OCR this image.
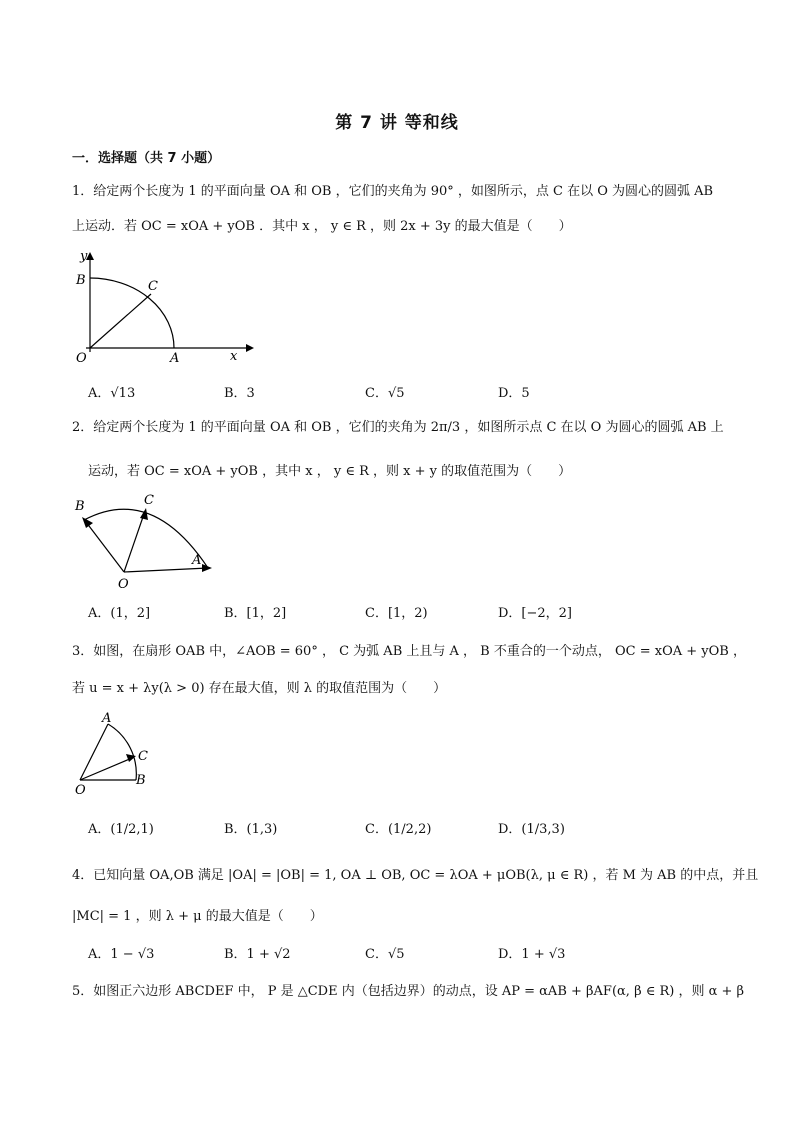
第 7 讲 等和线
一．选择题（共 7 小题）
1．给定两个长度为 1 的平面向量 OA 和 OB ，它们的夹角为 90° ，如图所示，点 C 在以 O 为圆心的圆弧 AB
上运动．若 OC = xOA + yOB ．其中 x ， y ∈ R ，则 2x + 3y 的最大值是（　　）
y
B	C
O	A	x
A．√13	B．3	C．√5	D．5
2．给定两个长度为 1 的平面向量 OA 和 OB ，它们的夹角为 2π/3 ，如图所示点 C 在以 O 为圆心的圆弧 AB 上
运动，若 OC = xOA + yOB ，其中 x ， y ∈ R ，则 x + y 的取值范围为（　　）
B	C
O
A
A．(1，2]	B．[1，2]	C．[1，2)	D．[−2，2]
3．如图，在扇形 OAB 中，∠AOB = 60° ， C 为弧 AB 上且与 A ， B 不重合的一个动点， OC = xOA + yOB ，
若 u = x + λy(λ > 0) 存在最大值，则 λ 的取值范围为（　　）
A
C
B
O
A．(1/2,1)	B．(1,3)	C．(1/2,2)	D．(1/3,3)
4．已知向量 OA,OB 满足 |OA| = |OB| = 1, OA ⊥ OB, OC = λOA + μOB(λ, μ ∈ R) ，若 M 为 AB 的中点，并且
|MC| = 1 ，则 λ + μ 的最大值是（　　）
A．1 − √3	B．1 + √2	C．√5	D．1 + √3
5．如图正六边形 ABCDEF 中， P 是 △CDE 内（包括边界）的动点，设 AP = αAB + βAF(α, β ∈ R) ，则 α + β
